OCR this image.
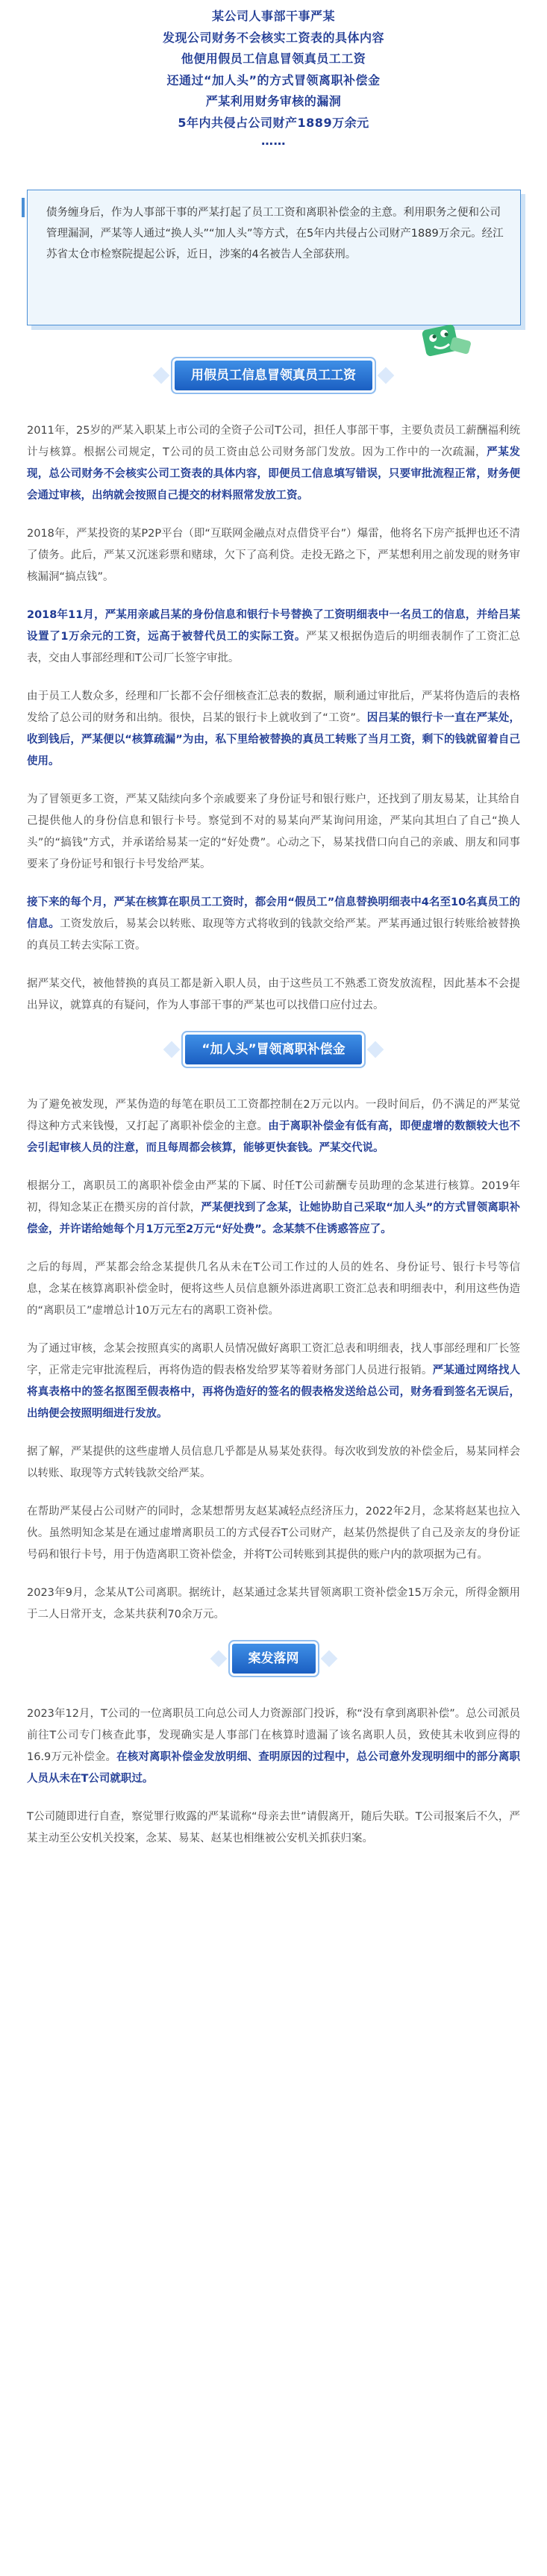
某公司人事部干事严某

发现公司财务不会核实工资表的具体内容

他便用假员工信息冒领真员工工资

还通过“加人头”的方式冒领离职补偿金

严某利用财务审核的漏洞

5年内共侵占公司财产1889万余元

……

债务缠身后，作为人事部干事的严某打起了员工工资和离职补偿金的主意。利用职务之便和公司管理漏洞，严某等人通过“换人头”“加人头”等方式，在5年内共侵占公司财产1889万余元。经江苏省太仓市检察院提起公诉，近日，涉案的4名被告人全部获刑。

用假员工信息冒领真员工工资

2011年，25岁的严某入职某上市公司的全资子公司T公司，担任人事部干事，主要负责员工薪酬福利统计与核算。根据公司规定，T公司的员工资由总公司财务部门发放。因为工作中的一次疏漏，严某发现，总公司财务不会核实公司工资表的具体内容，即便员工信息填写错误，只要审批流程正常，财务便会通过审核，出纳就会按照自己提交的材料照常发放工资。

2018年，严某投资的某P2P平台（即“互联网金融点对点借贷平台”）爆雷，他将名下房产抵押也还不清了债务。此后，严某又沉迷彩票和赌球，欠下了高利贷。走投无路之下，严某想利用之前发现的财务审核漏洞“搞点钱”。

2018年11月，严某用亲戚吕某的身份信息和银行卡号替换了工资明细表中一名员工的信息，并给吕某设置了1万余元的工资，远高于被替代员工的实际工资。严某又根据伪造后的明细表制作了工资汇总表，交由人事部经理和T公司厂长签字审批。

由于员工人数众多，经理和厂长都不会仔细核查汇总表的数据，顺利通过审批后，严某将伪造后的表格发给了总公司的财务和出纳。很快，吕某的银行卡上就收到了“工资”。因吕某的银行卡一直在严某处，收到钱后，严某便以“核算疏漏”为由，私下里给被替换的真员工转账了当月工资，剩下的钱就留着自己使用。

为了冒领更多工资，严某又陆续向多个亲戚要来了身份证号和银行账户，还找到了朋友易某，让其给自己提供他人的身份信息和银行卡号。察觉到不对的易某向严某询问用途，严某向其坦白了自己“换人头”的“搞钱”方式，并承诺给易某一定的“好处费”。心动之下，易某找借口向自己的亲戚、朋友和同事要来了身份证号和银行卡号发给严某。

接下来的每个月，严某在核算在职员工工资时，都会用“假员工”信息替换明细表中4名至10名真员工的信息。工资发放后，易某会以转账、取现等方式将收到的钱款交给严某。严某再通过银行转账给被替换的真员工转去实际工资。

据严某交代，被他替换的真员工都是新入职人员，由于这些员工不熟悉工资发放流程，因此基本不会提出异议，就算真的有疑问，作为人事部干事的严某也可以找借口应付过去。

“加人头”冒领离职补偿金

为了避免被发现，严某伪造的每笔在职员工工资都控制在2万元以内。一段时间后，仍不满足的严某觉得这种方式来钱慢，又打起了离职补偿金的主意。由于离职补偿金有低有高，即便虚增的数额较大也不会引起审核人员的注意，而且每周都会核算，能够更快套钱。严某交代说。

根据分工，离职员工的离职补偿金由严某的下属、时任T公司薪酬专员助理的念某进行核算。2019年初，得知念某正在攒买房的首付款，严某便找到了念某，让她协助自己采取“加人头”的方式冒领离职补偿金，并许诺给她每个月1万元至2万元“好处费”。念某禁不住诱惑答应了。

之后的每周，严某都会给念某提供几名从未在T公司工作过的人员的姓名、身份证号、银行卡号等信息，念某在核算离职补偿金时，便将这些人员信息额外添进离职工资汇总表和明细表中，利用这些伪造的“离职员工”虚增总计10万元左右的离职工资补偿。

为了通过审核，念某会按照真实的离职人员情况做好离职工资汇总表和明细表，找人事部经理和厂长签字，正常走完审批流程后，再将伪造的假表格发给罗某等着财务部门人员进行报销。严某通过网络找人将真表格中的签名抠图至假表格中，再将伪造好的签名的假表格发送给总公司，财务看到签名无误后，出纳便会按照明细进行发放。

据了解，严某提供的这些虚增人员信息几乎都是从易某处获得。每次收到发放的补偿金后，易某同样会以转账、取现等方式转钱款交给严某。

在帮助严某侵占公司财产的同时，念某想帮男友赵某减轻点经济压力，2022年2月，念某将赵某也拉入伙。虽然明知念某是在通过虚增离职员工的方式侵吞T公司财产，赵某仍然提供了自己及亲友的身份证号码和银行卡号，用于伪造离职工资补偿金，并将T公司转账到其提供的账户内的款项据为己有。

2023年9月，念某从T公司离职。据统计，赵某通过念某共冒领离职工资补偿金15万余元，所得金额用于二人日常开支，念某共获利70余万元。

案发落网

2023年12月，T公司的一位离职员工向总公司人力资源部门投诉，称“没有拿到离职补偿”。总公司派员前往T公司专门核查此事，发现确实是人事部门在核算时遗漏了该名离职人员，致使其未收到应得的16.9万元补偿金。在核对离职补偿金发放明细、查明原因的过程中，总公司意外发现明细中的部分离职人员从未在T公司就职过。

T公司随即进行自查，察觉罪行败露的严某谎称“母亲去世”请假离开，随后失联。T公司报案后不久，严某主动至公安机关投案，念某、易某、赵某也相继被公安机关抓获归案。
